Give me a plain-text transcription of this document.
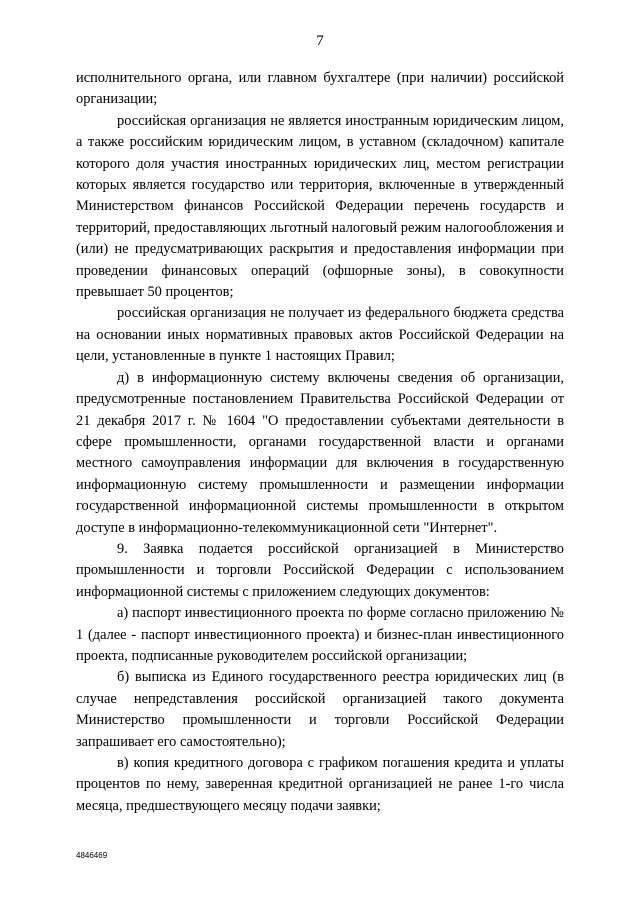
7

исполнительного органа, или главном бухгалтере (при наличии) российской организации;

российская организация не является иностранным юридическим лицом, а также российским юридическим лицом, в уставном (складочном) капитале которого доля участия иностранных юридических лиц, местом регистрации которых является государство или территория, включенные в утвержденный Министерством финансов Российской Федерации перечень государств и территорий, предоставляющих льготный налоговый режим налогообложения и (или) не предусматривающих раскрытия и предоставления информации при проведении финансовых операций (офшорные зоны), в совокупности превышает 50 процентов;

российская организация не получает из федерального бюджета средства на основании иных нормативных правовых актов Российской Федерации на цели, установленные в пункте 1 настоящих Правил;

д) в информационную систему включены сведения об организации, предусмотренные постановлением Правительства Российской Федерации от 21 декабря 2017 г. № 1604 "О предоставлении субъектами деятельности в сфере промышленности, органами государственной власти и органами местного самоуправления информации для включения в государственную информационную систему промышленности и размещении информации государственной информационной системы промышленности в открытом доступе в информационно-телекоммуникационной сети "Интернет".

9. Заявка подается российской организацией в Министерство промышленности и торговли Российской Федерации с использованием информационной системы с приложением следующих документов:

а) паспорт инвестиционного проекта по форме согласно приложению № 1 (далее - паспорт инвестиционного проекта) и бизнес-план инвестиционного проекта, подписанные руководителем российской организации;

б) выписка из Единого государственного реестра юридических лиц (в случае непредставления российской организацией такого документа Министерство промышленности и торговли Российской Федерации запрашивает его самостоятельно);

в) копия кредитного договора с графиком погашения кредита и уплаты процентов по нему, заверенная кредитной организацией не ранее 1-го числа месяца, предшествующего месяцу подачи заявки;

4846469
